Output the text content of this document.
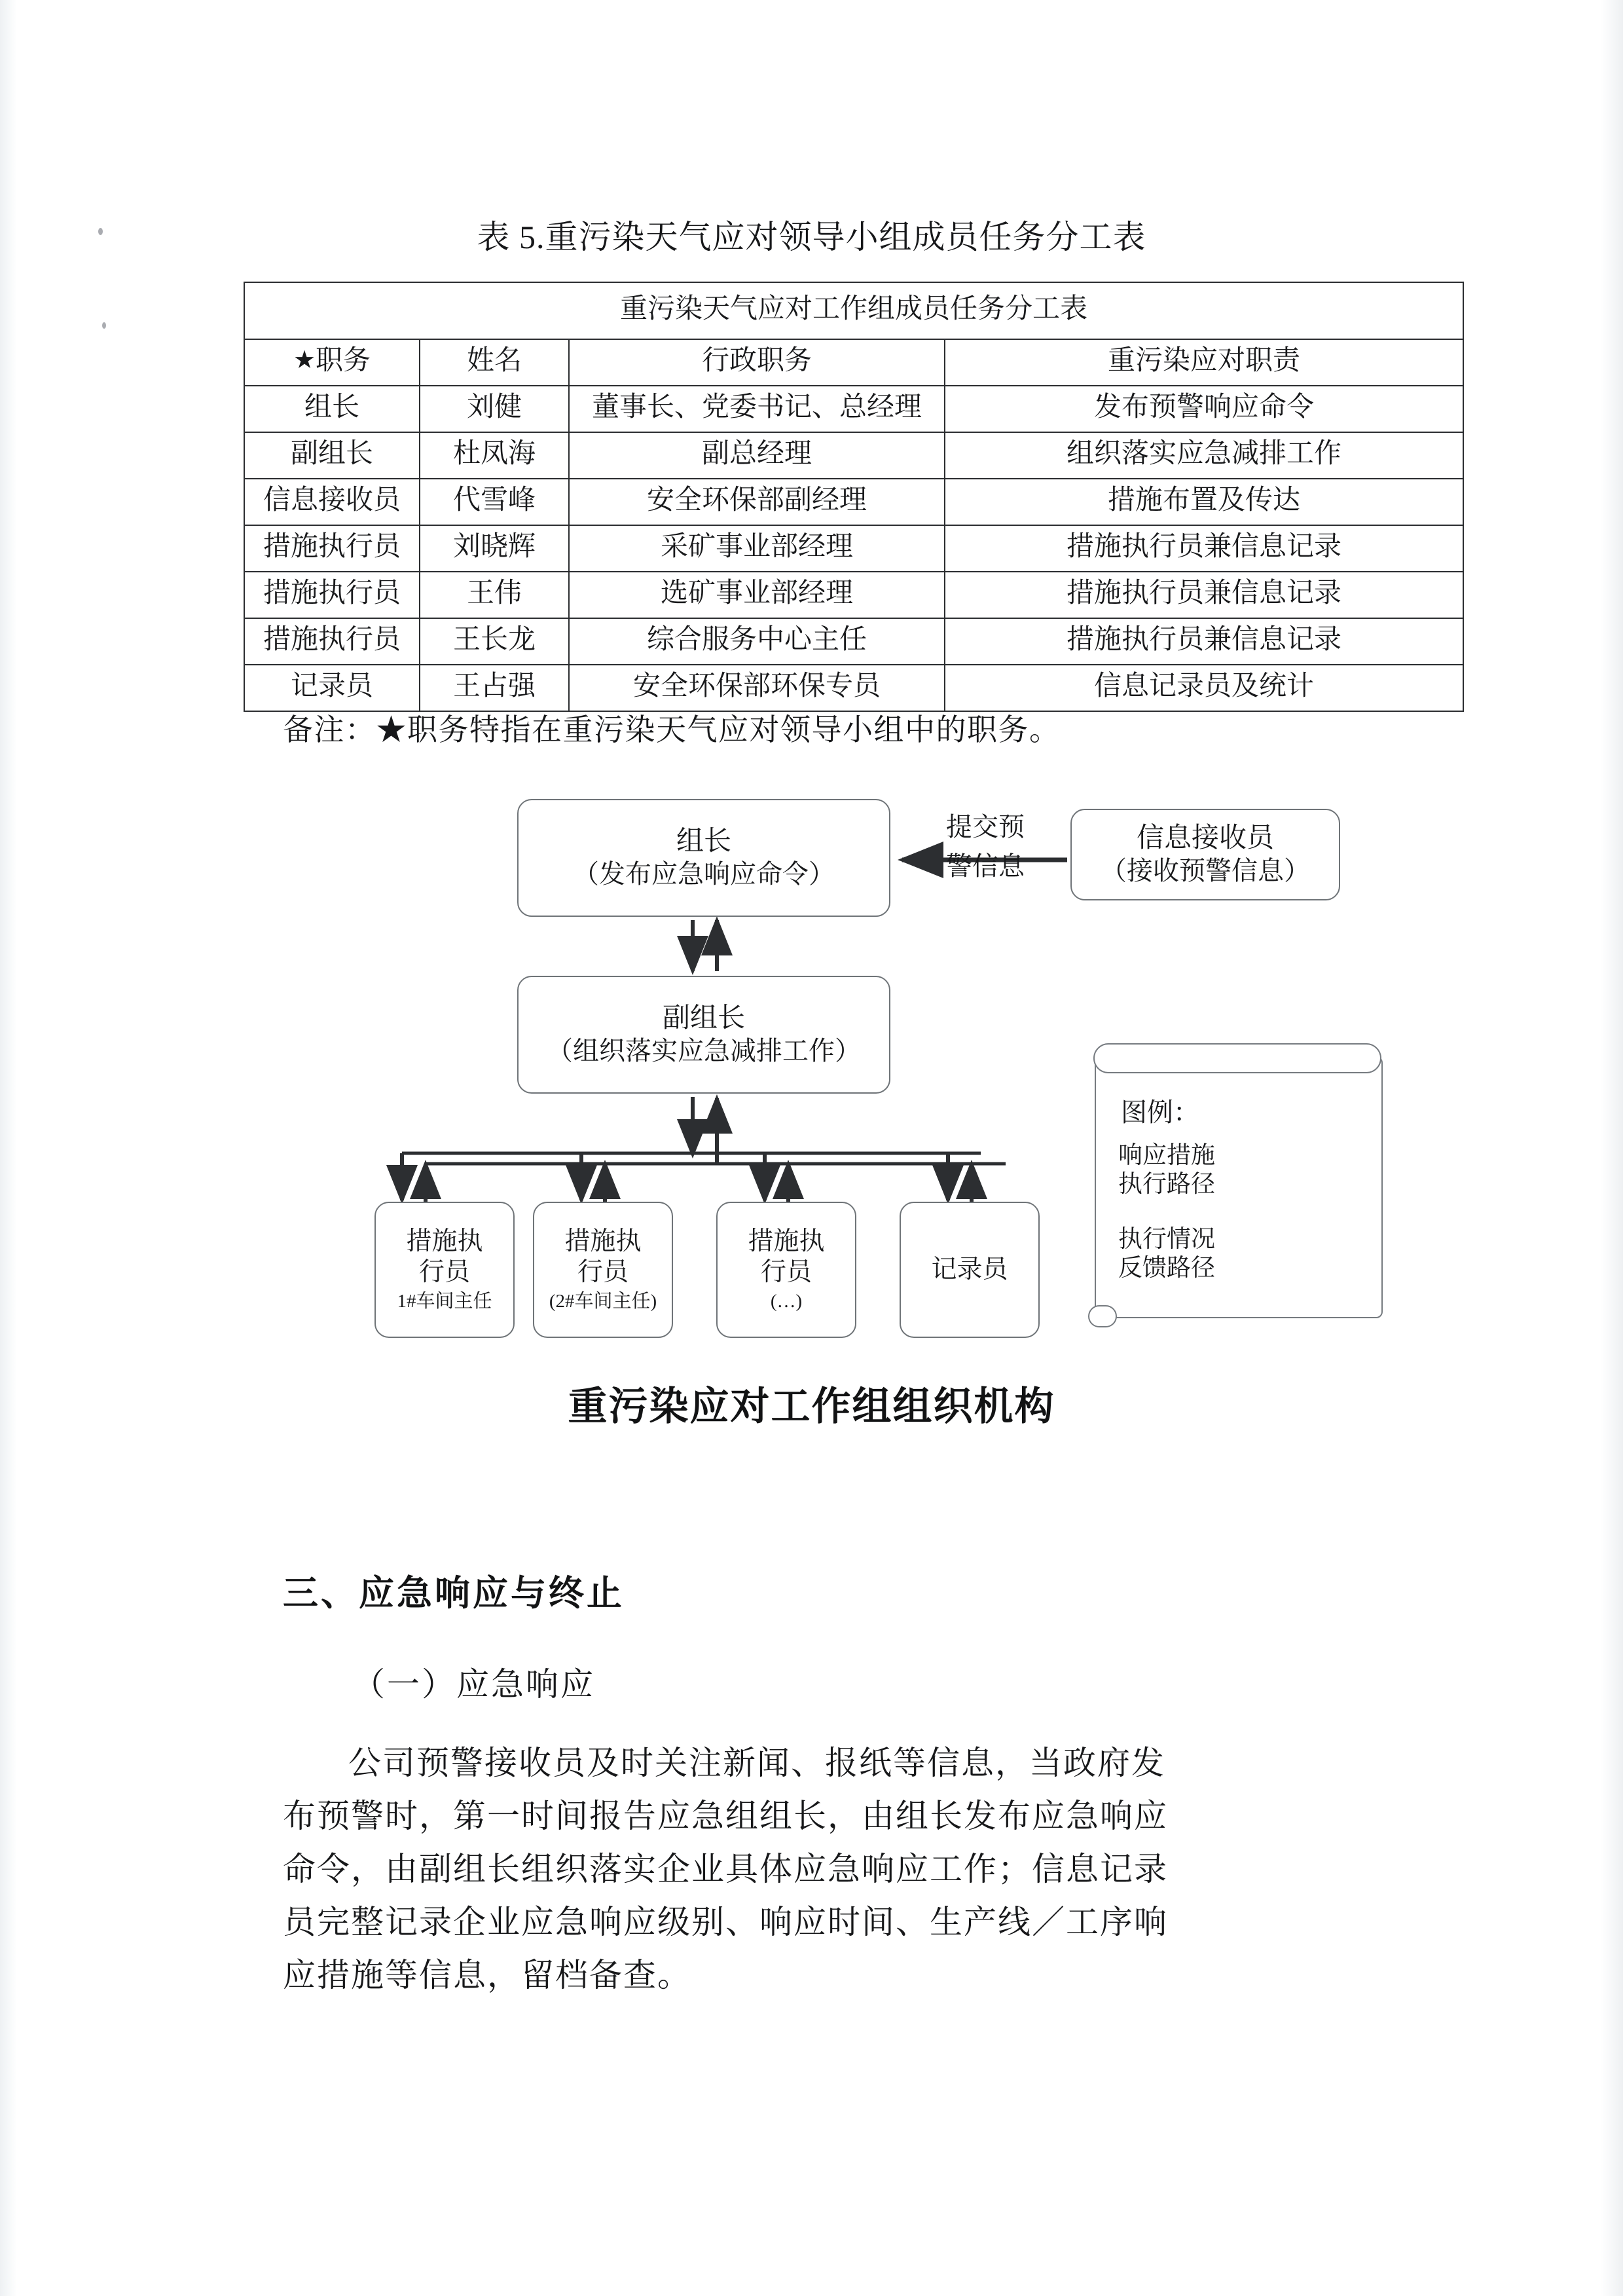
表 5.重污染天气应对领导小组成员任务分工表
重污染天气应对工作组成员任务分工表			
★职务	姓名	行政职务	重污染应对职责
组长	刘健	董事长、党委书记、总经理	发布预警响应命令
副组长	杜凤海	副总经理	组织落实应急减排工作
信息接收员	代雪峰	安全环保部副经理	措施布置及传达
措施执行员	刘晓辉	采矿事业部经理	措施执行员兼信息记录
措施执行员	王伟	选矿事业部经理	措施执行员兼信息记录
措施执行员	王长龙	综合服务中心主任	措施执行员兼信息记录
记录员	王占强	安全环保部环保专员	信息记录员及统计
备注：★职务特指在重污染天气应对领导小组中的职务。
组长
（发布应急响应命令）
信息接收员
（接收预警信息）
提交预
警信息
副组长
（组织落实应急减排工作）
措施执
行员
1#车间主任
措施执
行员
(2#车间主任)
措施执
行员
(…)
记录员
图例：
响应措施
执行路径
执行情况
反馈路径
重污染应对工作组组织机构
三、应急响应与终止
（一）应急响应
公司预警接收员及时关注新闻、报纸等信息，当政府发
布预警时，第一时间报告应急组组长，由组长发布应急响应
命令，由副组长组织落实企业具体应急响应工作；信息记录
员完整记录企业应急响应级别、响应时间、生产线／工序响
应措施等信息，留档备查。
